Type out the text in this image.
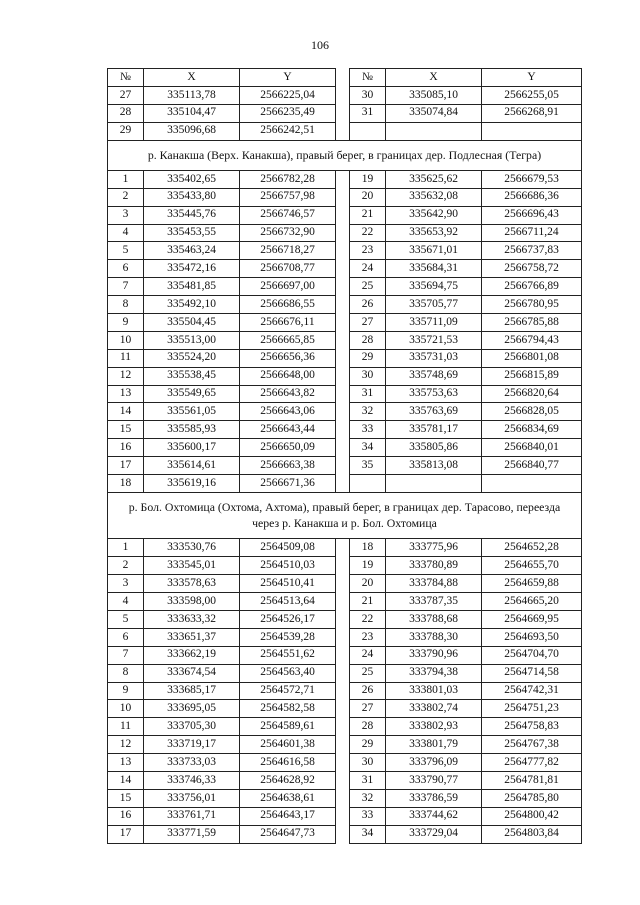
106
№	X	Y		№	X	Y
27	335113,78	2566225,04		30	335085,10	2566255,05
28	335104,47	2566235,49		31	335074,84	2566268,91
29	335096,68	2566242,51				
р. Канакша (Верх. Канакша), правый берег, в границах дер. Подлесная (Тегра)						
1	335402,65	2566782,28		19	335625,62	2566679,53
2	335433,80	2566757,98		20	335632,08	2566686,36
3	335445,76	2566746,57		21	335642,90	2566696,43
4	335453,55	2566732,90		22	335653,92	2566711,24
5	335463,24	2566718,27		23	335671,01	2566737,83
6	335472,16	2566708,77		24	335684,31	2566758,72
7	335481,85	2566697,00		25	335694,75	2566766,89
8	335492,10	2566686,55		26	335705,77	2566780,95
9	335504,45	2566676,11		27	335711,09	2566785,88
10	335513,00	2566665,85		28	335721,53	2566794,43
11	335524,20	2566656,36		29	335731,03	2566801,08
12	335538,45	2566648,00		30	335748,69	2566815,89
13	335549,65	2566643,82		31	335753,63	2566820,64
14	335561,05	2566643,06		32	335763,69	2566828,05
15	335585,93	2566643,44		33	335781,17	2566834,69
16	335600,17	2566650,09		34	335805,86	2566840,01
17	335614,61	2566663,38		35	335813,08	2566840,77
18	335619,16	2566671,36				
р. Бол. Охтомица (Охтома, Ахтома), правый берег, в границах дер. Тарасово, переезда через р. Канакша и р. Бол. Охтомица						
1	333530,76	2564509,08		18	333775,96	2564652,28
2	333545,01	2564510,03		19	333780,89	2564655,70
3	333578,63	2564510,41		20	333784,88	2564659,88
4	333598,00	2564513,64		21	333787,35	2564665,20
5	333633,32	2564526,17		22	333788,68	2564669,95
6	333651,37	2564539,28		23	333788,30	2564693,50
7	333662,19	2564551,62		24	333790,96	2564704,70
8	333674,54	2564563,40		25	333794,38	2564714,58
9	333685,17	2564572,71		26	333801,03	2564742,31
10	333695,05	2564582,58		27	333802,74	2564751,23
11	333705,30	2564589,61		28	333802,93	2564758,83
12	333719,17	2564601,38		29	333801,79	2564767,38
13	333733,03	2564616,58		30	333796,09	2564777,82
14	333746,33	2564628,92		31	333790,77	2564781,81
15	333756,01	2564638,61		32	333786,59	2564785,80
16	333761,71	2564643,17		33	333744,62	2564800,42
17	333771,59	2564647,73		34	333729,04	2564803,84
